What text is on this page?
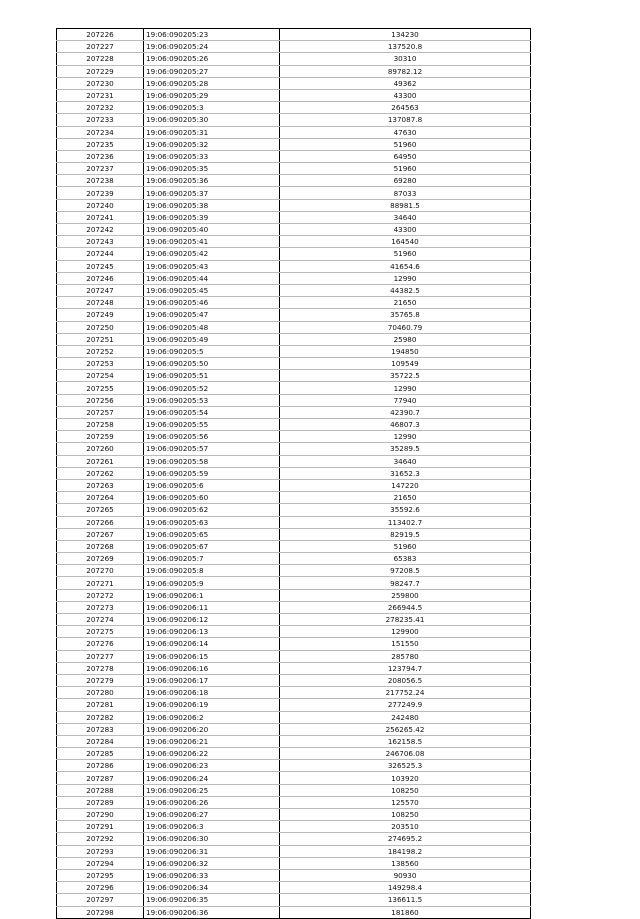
207226	19:06:090205:23	134230
207227	19:06:090205:24	137520.8
207228	19:06:090205:26	30310
207229	19:06:090205:27	89782.12
207230	19:06:090205:28	49362
207231	19:06:090205:29	43300
207232	19:06:090205:3	264563
207233	19:06:090205:30	137087.8
207234	19:06:090205:31	47630
207235	19:06:090205:32	51960
207236	19:06:090205:33	64950
207237	19:06:090205:35	51960
207238	19:06:090205:36	69280
207239	19:06:090205:37	87033
207240	19:06:090205:38	88981.5
207241	19:06:090205:39	34640
207242	19:06:090205:40	43300
207243	19:06:090205:41	164540
207244	19:06:090205:42	51960
207245	19:06:090205:43	41654.6
207246	19:06:090205:44	12990
207247	19:06:090205:45	44382.5
207248	19:06:090205:46	21650
207249	19:06:090205:47	35765.8
207250	19:06:090205:48	70460.79
207251	19:06:090205:49	25980
207252	19:06:090205:5	194850
207253	19:06:090205:50	109549
207254	19:06:090205:51	35722.5
207255	19:06:090205:52	12990
207256	19:06:090205:53	77940
207257	19:06:090205:54	42390.7
207258	19:06:090205:55	46807.3
207259	19:06:090205:56	12990
207260	19:06:090205:57	35289.5
207261	19:06:090205:58	34640
207262	19:06:090205:59	31652.3
207263	19:06:090205:6	147220
207264	19:06:090205:60	21650
207265	19:06:090205:62	35592.6
207266	19:06:090205:63	113402.7
207267	19:06:090205:65	82919.5
207268	19:06:090205:67	51960
207269	19:06:090205:7	65383
207270	19:06:090205:8	97208.5
207271	19:06:090205:9	98247.7
207272	19:06:090206:1	259800
207273	19:06:090206:11	266944.5
207274	19:06:090206:12	278235.41
207275	19:06:090206:13	129900
207276	19:06:090206:14	151550
207277	19:06:090206:15	285780
207278	19:06:090206:16	123794.7
207279	19:06:090206:17	208056.5
207280	19:06:090206:18	217752.24
207281	19:06:090206:19	277249.9
207282	19:06:090206:2	242480
207283	19:06:090206:20	256265.42
207284	19:06:090206:21	162158.5
207285	19:06:090206:22	246706.08
207286	19:06:090206:23	326525.3
207287	19:06:090206:24	103920
207288	19:06:090206:25	108250
207289	19:06:090206:26	125570
207290	19:06:090206:27	108250
207291	19:06:090206:3	203510
207292	19:06:090206:30	274695.2
207293	19:06:090206:31	184198.2
207294	19:06:090206:32	138560
207295	19:06:090206:33	90930
207296	19:06:090206:34	149298.4
207297	19:06:090206:35	136611.5
207298	19:06:090206:36	181860
